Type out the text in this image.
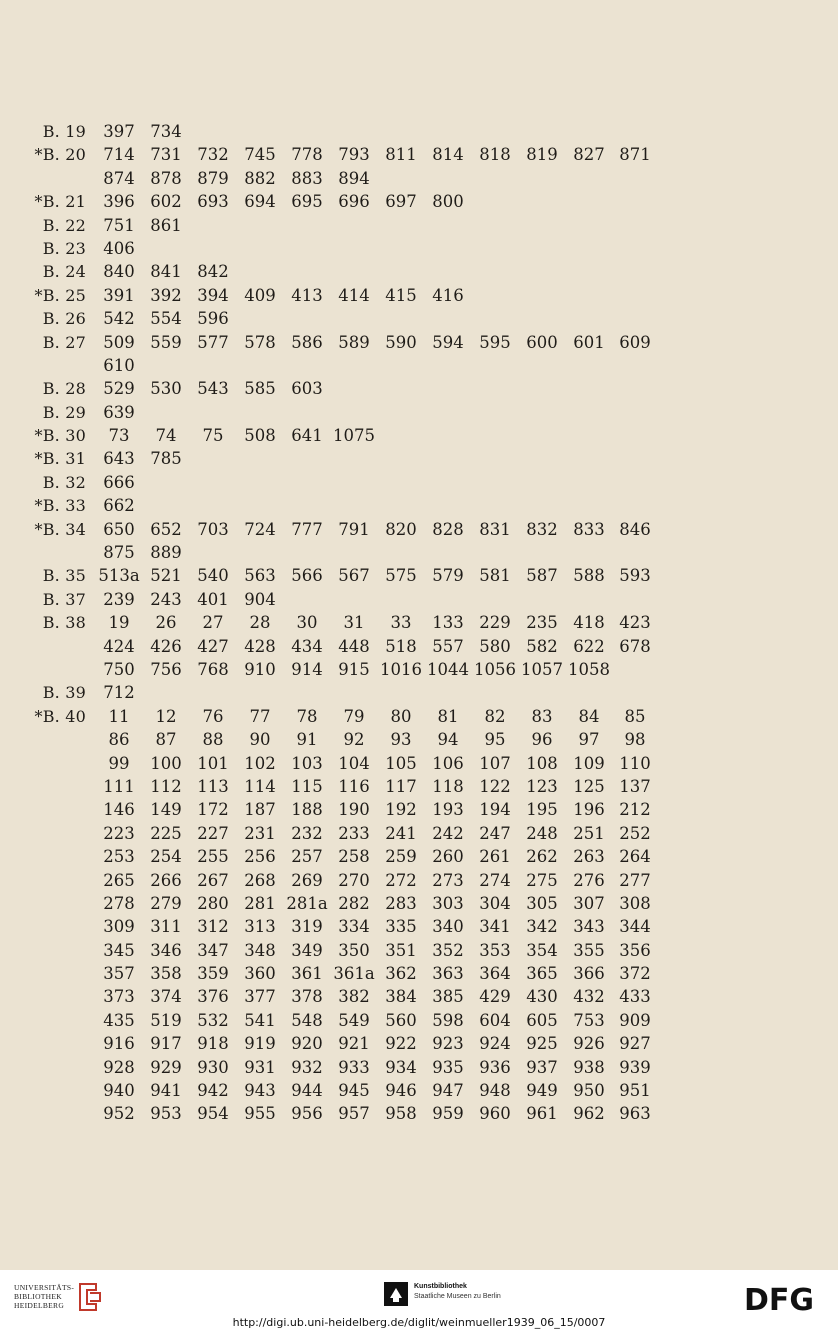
B. 19	397 734
*B. 20	714 731 732 745 778 793 811 814 818 819 827 871
874 878 879 882 883 894
*B. 21	396 602 693 694 695 696 697 800
B. 22	751 861
B. 23	406
B. 24	840 841 842
*B. 25	391 392 394 409 413 414 415 416
B. 26	542 554 596
B. 27	509 559 577 578 586 589 590 594 595 600 601 609
610
B. 28	529 530 543 585 603
B. 29	639
*B. 30	73	74	75	508 641 1075
*B. 31	643 785
B. 32	666
*B. 33	662
*B. 34	650 652 703 724 777 791 820 828 831 832 833 846
875 889
B. 35 513a 521 540 563 566 567 575 579 581 587 588 593
B. 37	239 243 401 904
B. 38	19	26	27	28	30	31	33	133 229 235 418 423
424 426 427 428 434 448 518 557 580 582 622 678
750 756 768 910 914 915 1016 1044 1056 1057 1058
B. 39	712
*B. 40	11	12	76	77	78	79	80	81	82	83	84	85
86	87	88	90	91	92	93	94	95	96	97	98
99	100 101 102 103 104 105 106 107 108 109 110
111 112 113 114 115 116 117 118 122 123 125 137
146 149 172 187 188 190 192 193 194 195 196 212
223 225 227 231 232 233 241 242 247 248 251 252
253 254 255 256 257 258 259 260 261 262 263 264
265 266 267 268 269 270 272 273 274 275 276 277
278 279 280 281 281a 282 283 303 304 305 307 308
309 311 312 313 319 334 335 340 341 342 343 344
345 346 347 348 349 350 351 352 353 354 355 356
357 358 359 360 361 361a 362 363 364 365 366 372
373 374 376 377 378 382 384 385 429 430 432 433
435 519 532 541 548 549 560 598 604 605 753 909
916 917 918 919 920 921 922 923 924 925 926 927
928 929 930 931 932 933 934 935 936 937 938 939
940 941 942 943 944 945 946 947 948 949 950 951
952 953 954 955 956 957 958 959 960 961 962 963
UNIVERSITÄTS-
BIBLIOTHEK
HEIDELBERG
Kunstbibliothek
Staatliche Museen zu Berlin	DFG
http://digi.ub.uni-heidelberg.de/diglit/weinmueller1939_06_15/0007
